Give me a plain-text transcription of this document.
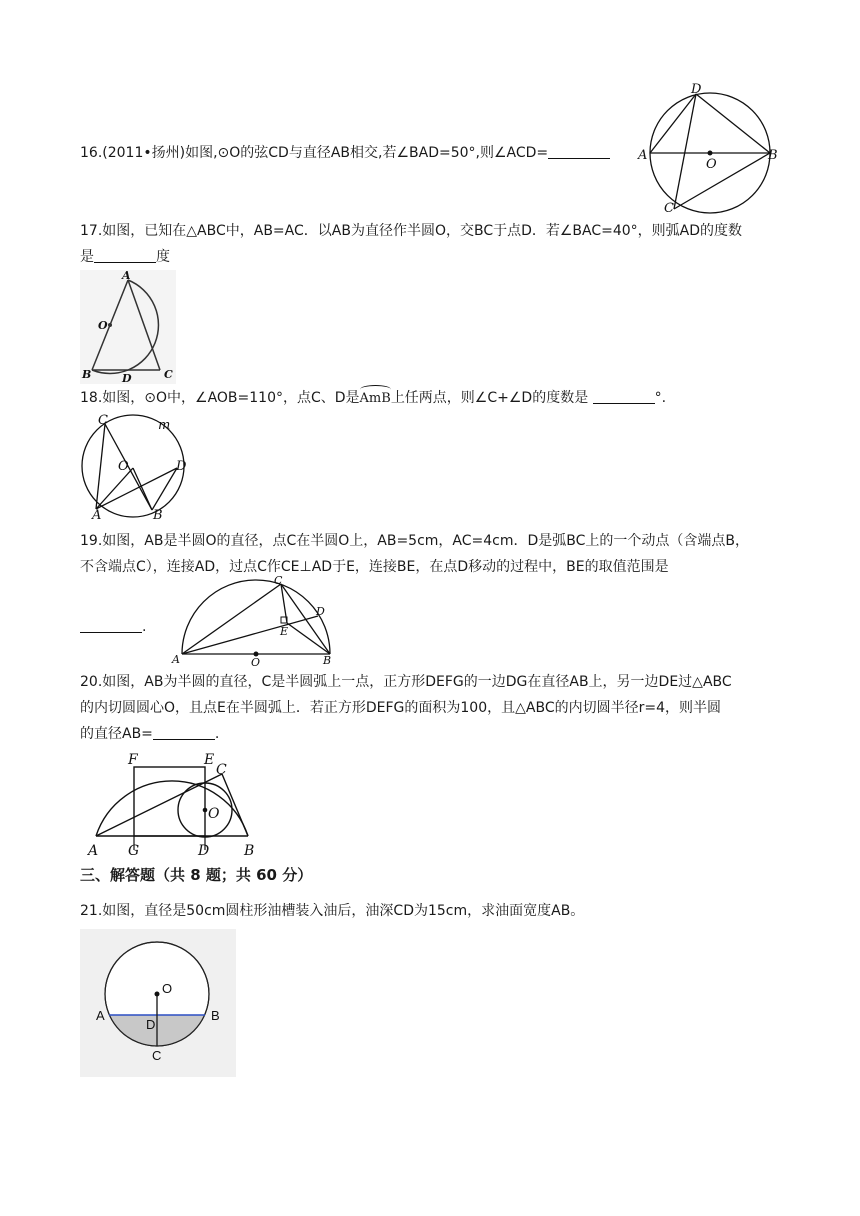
16.(2011•扬州)如图,⊙O的弦CD与直径AB相交,若∠BAD=50°,则∠ACD=
D
A	B
O
C
17.如图，已知在△ABC中，AB=AC．以AB为直径作半圆O，交BC于点D．若∠BAC=40°，则弧AD的度数
是	度
A
O
B	D	C
18.如图，⊙O中，∠AOB=110°，点C、D是AmB上任两点，则∠C+∠D的度数是	°.
C	m
O	D
A	B
19.如图，AB是半圆O的直径，点C在半圆O上，AB=5cm，AC=4cm．D是弧BC上的一个动点（含端点B，
不含端点C），连接AD，过点C作CE⊥AD于E，连接BE，在点D移动的过程中，BE的取值范围是
.
C
D
E
A	O	B
20.如图，AB为半圆的直径，C是半圆弧上一点，正方形DEFG的一边DG在直径AB上，另一边DE过△ABC
的内切圆圆心O，且点E在半圆弧上．若正方形DEFG的面积为100，且△ABC的内切圆半径r=4，则半圆
的直径AB=	.
F	E
C
O
A G	D B
三、解答题（共 8 题；共 60 分）
21.如图，直径是50cm圆柱形油槽装入油后，油深CD为15cm，求油面宽度AB。
O
A	B
D
C
